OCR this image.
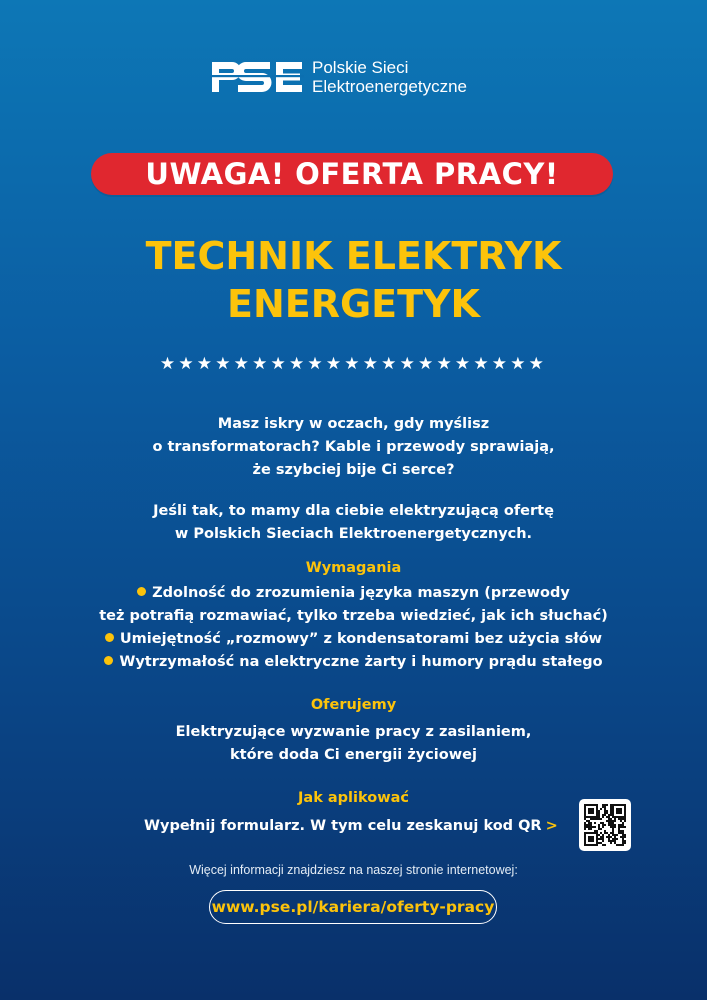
Polskie Sieci
Elektroenergetyczne
UWAGA! OFERTA PRACY!
TECHNIK ELEKTRYK
ENERGETYK
★★★★★★★★★★★★★★★★★★★★★
Masz iskry w oczach, gdy myślisz
o transformatorach? Kable i przewody sprawiają,
że szybciej bije Ci serce?
Jeśli tak, to mamy dla ciebie elektryzującą ofertę
w Polskich Sieciach Elektroenergetycznych.
Wymagania
Zdolność do zrozumienia języka maszyn (przewody
też potrafią rozmawiać, tylko trzeba wiedzieć, jak ich słuchać)
Umiejętność „rozmowy” z kondensatorami bez użycia słów
Wytrzymałość na elektryczne żarty i humory prądu stałego
Oferujemy
Elektryzujące wyzwanie pracy z zasilaniem,
które doda Ci energii życiowej
Jak aplikować
Wypełnij formularz. W tym celu zeskanuj kod QR >
Więcej informacji znajdziesz na naszej stronie internetowej:
www.pse.pl/kariera/oferty-pracy
